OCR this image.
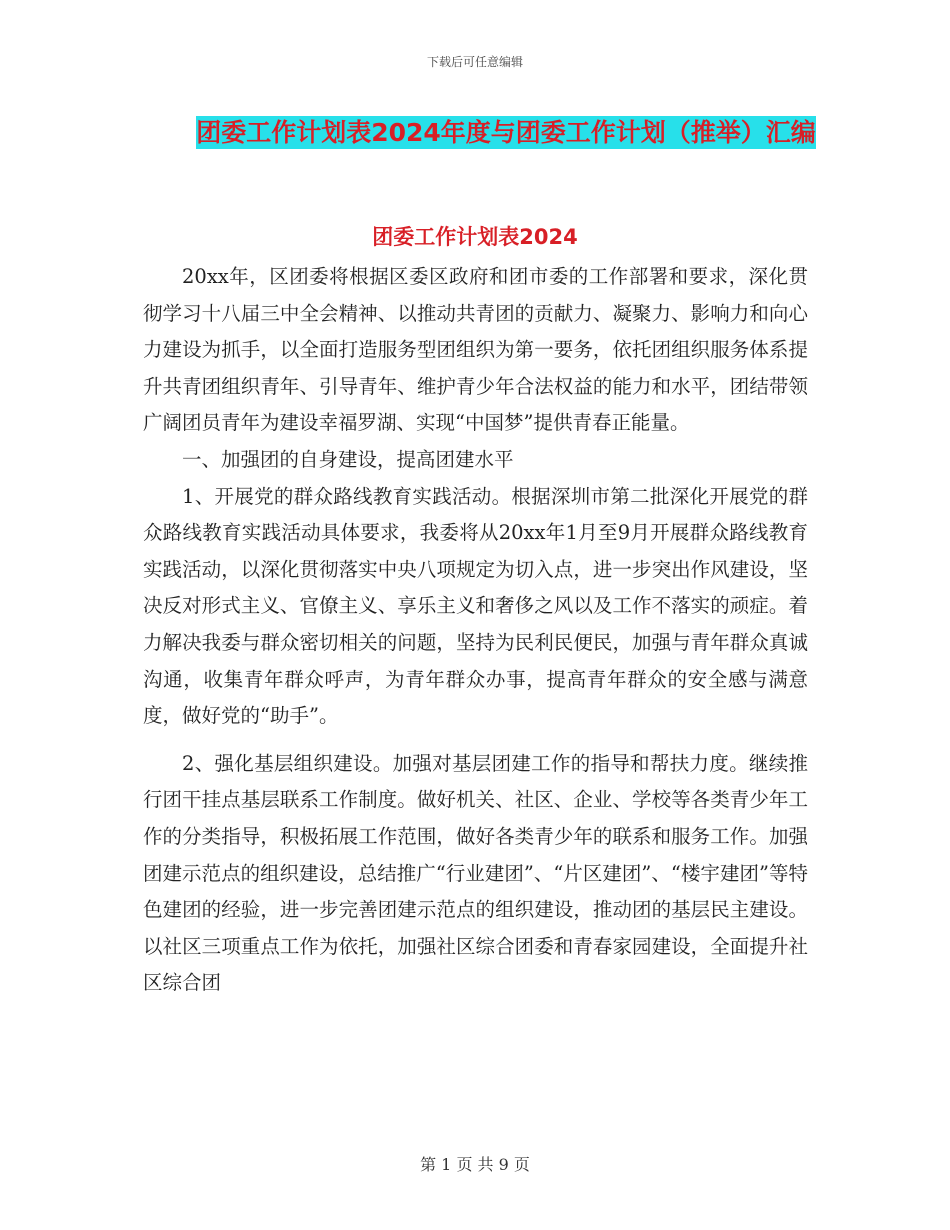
下载后可任意编辑
团委工作计划表2024年度与团委工作计划（推举）汇编
团委工作计划表2024

20xx年，区团委将根据区委区政府和团市委的工作部署和要求，深化贯彻学习十八届三中全会精神、以推动共青团的贡献力、凝聚力、影响力和向心力建设为抓手，以全面打造服务型团组织为第一要务，依托团组织服务体系提升共青团组织青年、引导青年、维护青少年合法权益的能力和水平，团结带领广阔团员青年为建设幸福罗湖、实现“中国梦”提供青春正能量。

一、加强团的自身建设，提高团建水平

1、开展党的群众路线教育实践活动。根据深圳市第二批深化开展党的群众路线教育实践活动具体要求，我委将从20xx年1月至9月开展群众路线教育实践活动，以深化贯彻落实中央八项规定为切入点，进一步突出作风建设，坚决反对形式主义、官僚主义、享乐主义和奢侈之风以及工作不落实的顽症。着力解决我委与群众密切相关的问题，坚持为民利民便民，加强与青年群众真诚沟通，收集青年群众呼声，为青年群众办事，提高青年群众的安全感与满意度，做好党的“助手”。

2、强化基层组织建设。加强对基层团建工作的指导和帮扶力度。继续推行团干挂点基层联系工作制度。做好机关、社区、企业、学校等各类青少年工作的分类指导，积极拓展工作范围，做好各类青少年的联系和服务工作。加强团建示范点的组织建设，总结推广“行业建团”、“片区建团”、“楼宇建团”等特色建团的经验，进一步完善团建示范点的组织建设，推动团的基层民主建设。以社区三项重点工作为依托，加强社区综合团委和青春家园建设，全面提升社区综合团

第 1 页 共 9 页
